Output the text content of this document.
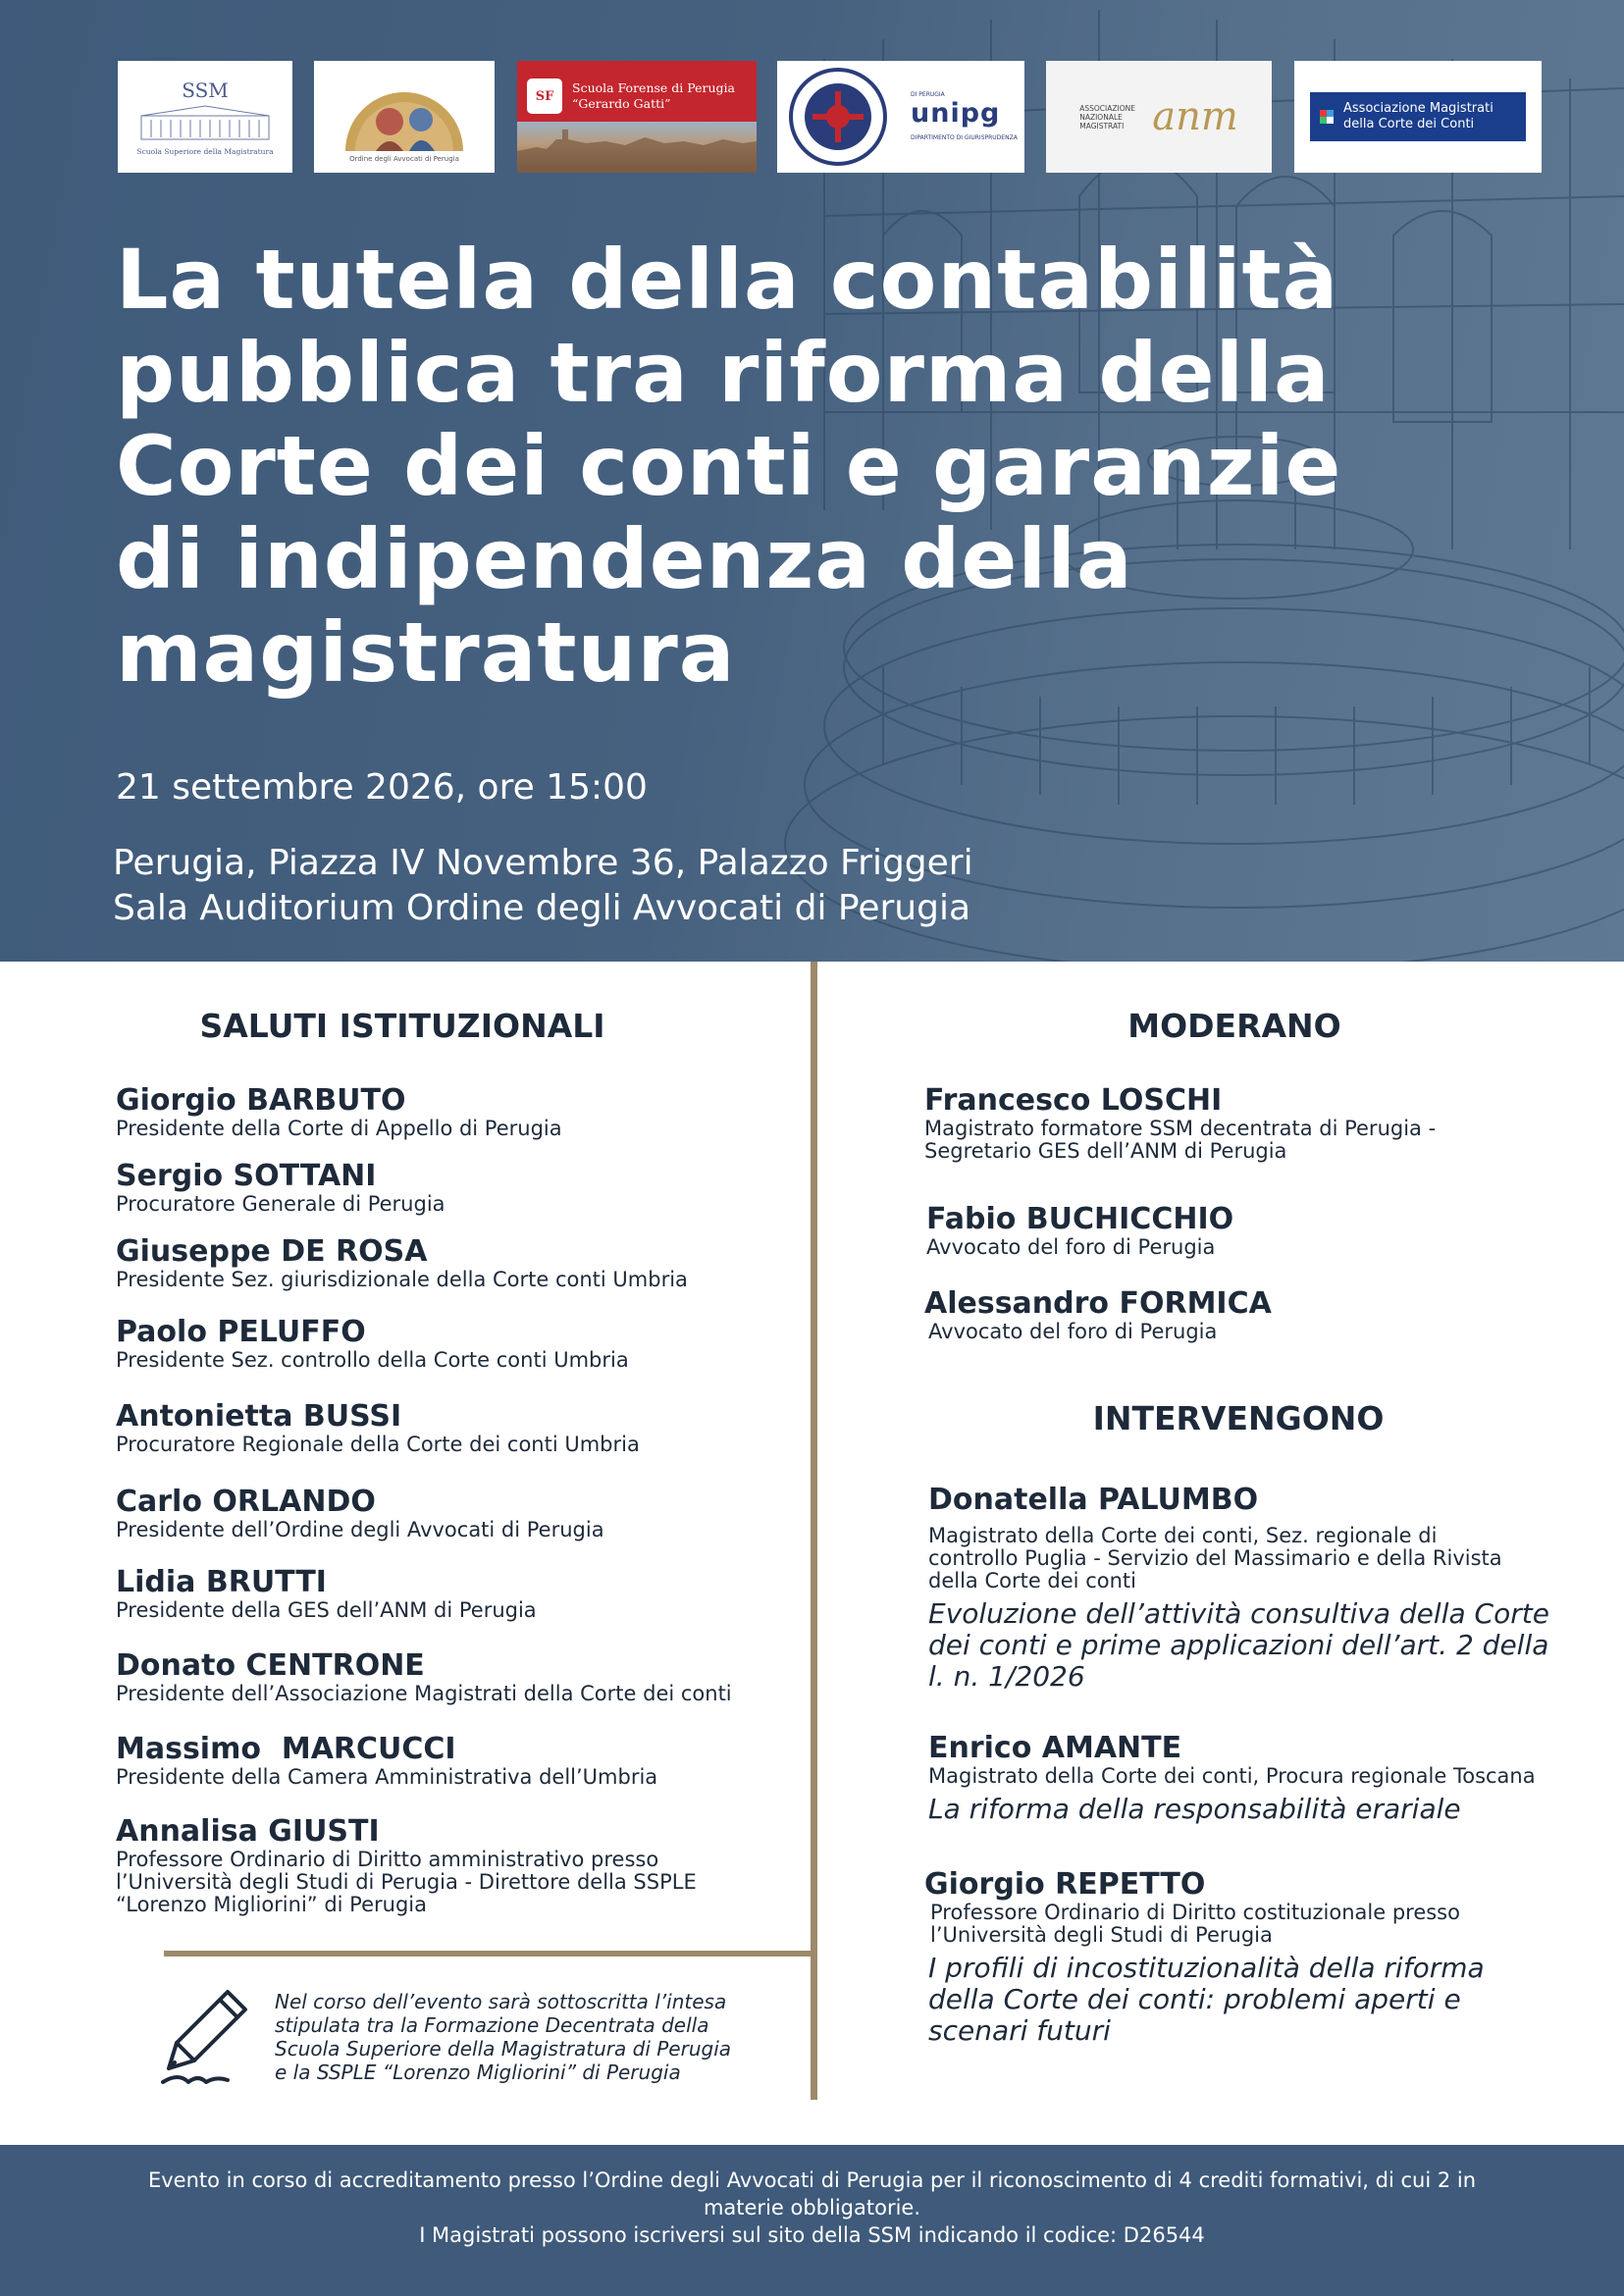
SSM
Scuola Superiore della Magistratura
Ordine degli Avvocati di Perugia
SF
Scuola Forense di Perugia
“Gerardo Gatti”
DI PERUGIA
unipg
DIPARTIMENTO DI GIURISPRUDENZA
ASSOCIAZIONE NAZIONALE MAGISTRATI anm	Associazione Magistrati della Corte dei Conti
La tutela della contabilità
pubblica tra riforma della
Corte dei conti e garanzie
di indipendenza della
magistratura
21 settembre 2026, ore 15:00
Perugia, Piazza IV Novembre 36, Palazzo Friggeri
Sala Auditorium Ordine degli Avvocati di Perugia
SALUTI ISTITUZIONALI
Giorgio BARBUTO
Presidente della Corte di Appello di Perugia
Sergio SOTTANI
Procuratore Generale di Perugia
Giuseppe DE ROSA
Presidente Sez. giurisdizionale della Corte conti Umbria
Paolo PELUFFO
Presidente Sez. controllo della Corte conti Umbria
Antonietta BUSSI
Procuratore Regionale della Corte dei conti Umbria
Carlo ORLANDO
Presidente dell’Ordine degli Avvocati di Perugia
Lidia BRUTTI
Presidente della GES dell’ANM di Perugia
Donato CENTRONE
Presidente dell’Associazione Magistrati della Corte dei conti
Massimo  MARCUCCI
Presidente della Camera Amministrativa dell’Umbria
Annalisa GIUSTI
Professore Ordinario di Diritto amministrativo presso
l’Università degli Studi di Perugia - Direttore della SSPLE
“Lorenzo Migliorini” di Perugia
Nel corso dell’evento sarà sottoscritta l’intesa
stipulata tra la Formazione Decentrata della
Scuola Superiore della Magistratura di Perugia
e la SSPLE “Lorenzo Migliorini” di Perugia
MODERANO
Francesco LOSCHI
Magistrato formatore SSM decentrata di Perugia -
Segretario GES dell’ANM di Perugia
Fabio BUCHICCHIO
Avvocato del foro di Perugia
Alessandro FORMICA
Avvocato del foro di Perugia
INTERVENGONO
Donatella PALUMBO
Magistrato della Corte dei conti, Sez. regionale di
controllo Puglia - Servizio del Massimario e della Rivista
della Corte dei conti
Evoluzione dell’attività consultiva della Corte
dei conti e prime applicazioni dell’art. 2 della
l. n. 1/2026
Enrico AMANTE
Magistrato della Corte dei conti, Procura regionale Toscana
La riforma della responsabilità erariale
Giorgio REPETTO
Professore Ordinario di Diritto costituzionale presso
l’Università degli Studi di Perugia
I profili di incostituzionalità della riforma
della Corte dei conti: problemi aperti e
scenari futuri
Evento in corso di accreditamento presso l’Ordine degli Avvocati di Perugia per il riconoscimento di 4 crediti formativi, di cui 2 in
materie obbligatorie.
I Magistrati possono iscriversi sul sito della SSM indicando il codice: D26544
